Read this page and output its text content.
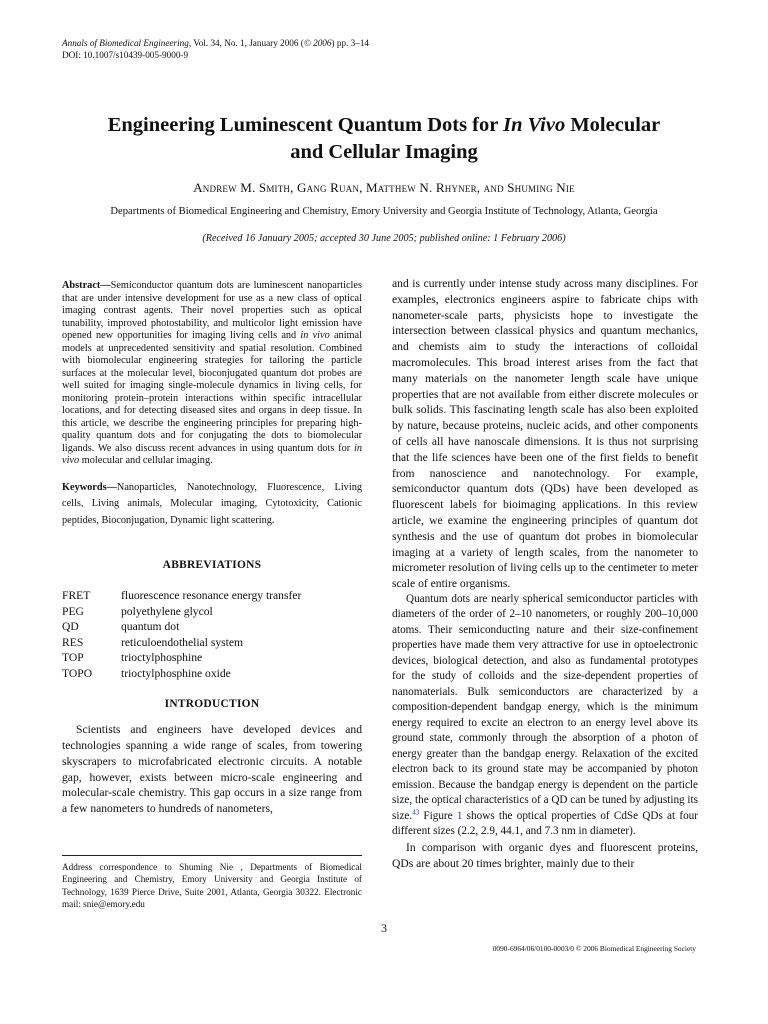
Annals of Biomedical Engineering, Vol. 34, No. 1, January 2006 (© 2006) pp. 3–14
DOI: 10.1007/s10439-005-9000-9
Engineering Luminescent Quantum Dots for In Vivo Molecular
and Cellular Imaging
Andrew M. Smith, Gang Ruan, Matthew N. Rhyner, and Shuming Nie
Departments of Biomedical Engineering and Chemistry, Emory University and Georgia Institute of Technology, Atlanta, Georgia
(Received 16 January 2005; accepted 30 June 2005; published online: 1 February 2006)

Abstract—Semiconductor quantum dots are luminescent nanoparticles that are under intensive development for use as a new class of optical imaging contrast agents. Their novel properties such as optical tunability, improved photostability, and multicolor light emission have opened new opportunities for imaging living cells and in vivo animal models at unprecedented sensitivity and spatial resolution. Combined with biomolecular engineering strategies for tailoring the particle surfaces at the molecular level, bioconjugated quantum dot probes are well suited for imaging single-molecule dynamics in living cells, for monitoring protein–protein interactions within specific intracellular locations, and for detecting diseased sites and organs in deep tissue. In this article, we describe the engineering principles for preparing high-quality quantum dots and for conjugating the dots to biomolecular ligands. We also discuss recent advances in using quantum dots for in vivo molecular and cellular imaging.

Keywords—Nanoparticles, Nanotechnology, Fluorescence, Living cells, Living animals, Molecular imaging, Cytotoxicity, Cationic peptides, Bioconjugation, Dynamic light scattering.

ABBREVIATIONS
FRET	fluorescence resonance energy transfer
PEG	polyethylene glycol
QD	quantum dot
RES	reticuloendothelial system
TOP	trioctylphosphine
TOPO	trioctylphosphine oxide
INTRODUCTION

Scientists and engineers have developed devices and technologies spanning a wide range of scales, from towering skyscrapers to microfabricated electronic circuits. A notable gap, however, exists between micro-scale engineering and molecular-scale chemistry. This gap occurs in a size range from a few nanometers to hundreds of nanometers,

Address correspondence to Shuming Nie , Departments of Biomedical Engineering and Chemistry, Emory University and Georgia Institute of Technology, 1639 Pierce Drive, Suite 2001, Atlanta, Georgia 30322. Electronic mail: snie@emory.edu

and is currently under intense study across many disciplines. For examples, electronics engineers aspire to fabricate chips with nanometer-scale parts, physicists hope to investigate the intersection between classical physics and quantum mechanics, and chemists aim to study the interactions of colloidal macromolecules. This broad interest arises from the fact that many materials on the nanometer length scale have unique properties that are not available from either discrete molecules or bulk solids. This fascinating length scale has also been exploited by nature, because proteins, nucleic acids, and other components of cells all have nanoscale dimensions. It is thus not surprising that the life sciences have been one of the first fields to benefit from nanoscience and nanotechnology. For example, semiconductor quantum dots (QDs) have been developed as fluorescent labels for bioimaging applications. In this review article, we examine the engineering principles of quantum dot synthesis and the use of quantum dot probes in biomolecular imaging at a variety of length scales, from the nanometer to micrometer resolution of living cells up to the centimeter to meter scale of entire organisms.

Quantum dots are nearly spherical semiconductor particles with diameters of the order of 2–10 nanometers, or roughly 200–10,000 atoms. Their semiconducting nature and their size-confinement properties have made them very attractive for use in optoelectronic devices, biological detection, and also as fundamental prototypes for the study of colloids and the size-dependent properties of nanomaterials. Bulk semiconductors are characterized by a composition-dependent bandgap energy, which is the minimum energy required to excite an electron to an energy level above its ground state, commonly through the absorption of a photon of energy greater than the bandgap energy. Relaxation of the excited electron back to its ground state may be accompanied by photon emission. Because the bandgap energy is dependent on the particle size, the optical characteristics of a QD can be tuned by adjusting its size.$^{43}$ Figure 1 shows the optical properties of CdSe QDs at four different sizes (2.2, 2.9, 44.1, and 7.3 nm in diameter).

In comparison with organic dyes and fluorescent proteins, QDs are about 20 times brighter, mainly due to their

3
0090-6964/06/0100-0003/0 © 2006 Biomedical Engineering Society
